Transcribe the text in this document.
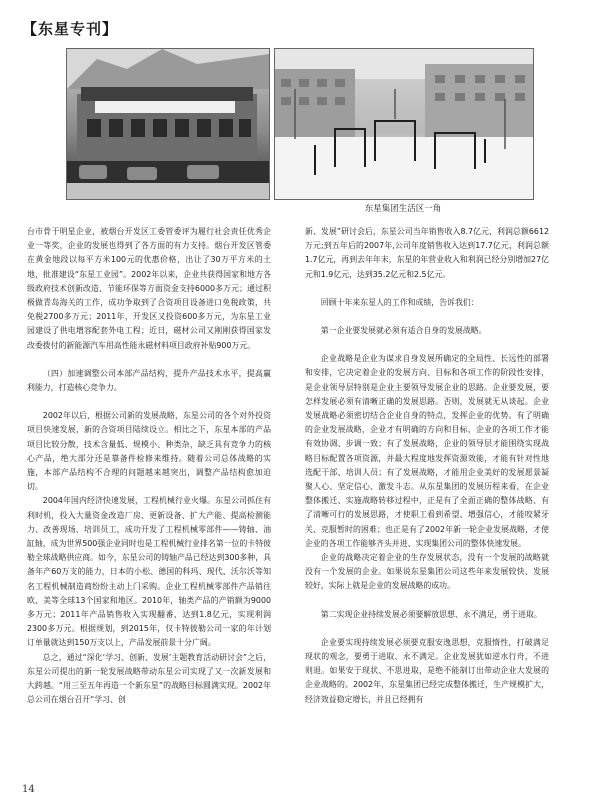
【东星专刊】
东星集团生活区一角

台市骨干明星企业，被烟台开发区工委管委评为履行社会责任优秀企业一等奖，企业的发展也得到了各方面的有力支持。烟台开发区管委在黄金地段以每平方米100元的优惠价格，出让了30万平方米的土地，批准建设“东星工业园”。2002年以来，企业共获得国家和地方各级政府技术创新改造、节能环保等方面资金支持6000多万元；通过积极做青岛海关的工作，成功争取到了合资项目设备进口免税政策，共免税2700多万元；2011年，开发区又投资600多万元，为东星工业园建设了供电增容配套外电工程；近日，磁材公司又刚刚获得国家发改委拨付的新能源汽车用高性能永磁材料项目政府补贴900万元。

（四）加速调整公司本部产品结构，提升产品技术水平，提高赢利能力，打造核心竞争力。

2002年以后，根据公司新的发展战略，东星公司的各个对外投资项目快速发展，新的合资项目陆续设立。相比之下，东星本部的产品项目比较分散，技术含量低、规模小、种类杂，缺乏具有竞争力的核心产品，绝大部分还是靠备件检修来维持。随着公司总体战略的实施，本部产品结构不合理的问题越来越突出，调整产品结构愈加迫切。

2004年国内经济快速发展，工程机械行业火爆。东星公司抓住有利时机，投入大量资金改造厂房、更新设备、扩大产能、提高检测能力、改善现场、培训员工，成功开发了工程机械零部件——铸轴、油缸轴，成为世界500强企业同时也是工程机械行业排名第一位的卡特彼勒全球战略供应商。如今，东星公司的铸轴产品已经达到300多种，具备年产60万支的能力，日本的小松、德国的科玛、现代、沃尔沃等知名工程机械制造商纷纷主动上门采购。企业工程机械零部件产品销往欧、美等全球13个国家和地区。2010年，轴类产品的产销额为9000多万元；2011年产品销售收入实现翻番，达到1.8亿元，实现利润2300多万元。根据规划，到2015年，仅卡特彼勒公司一家的年计划订单量就达到150万支以上，产品发展前景十分广阔。

总之，通过“深化‘学习、创新、发展’主题教育活动研讨会”之后，东星公司提出的新一轮发展战略带动东星公司实现了又一次新发展和大跨越。“用三至五年再造一个新东星”的战略目标圆满实现。2002年总公司在烟台召开“学习、创

新、发展”研讨会后，东星公司当年销售收入8.7亿元，利润总额6612万元;到五年后的2007年,公司年度销售收入达到17.7亿元，利润总额1.7亿元，再到去年年末，东星的年营业收入和利润已经分别增加27亿元和1.9亿元，达到35.2亿元和2.5亿元。

回顾十年来东星人的工作和成绩，告诉我们：

第一企业要发展就必须有适合自身的发展战略。

企业战略是企业为谋求自身发展所确定的全局性、长远性的部署和安排，它决定着企业的发展方向、目标和各项工作的阶段性安排，是企业领导层特别是企业主要领导发展企业的思路。企业要发展，要怎样发展必须有清晰正确的发展思路。否则，发展就无从谈起。企业发展战略必须密切结合企业自身的特点，发挥企业的优势。有了明确的企业发展战略，企业才有明确的方向和目标，企业的各项工作才能有效协调、步调一致；有了发展战略，企业的领导层才能围绕实现战略目标配置各项资源，并最大程度地发挥资源效能，才能有针对性地选配干部、培训人员；有了发展战略，才能用企业美好的发展愿景凝聚人心、坚定信心、激发斗志。从东星集团的发展历程来看，在企业整体搬迁、实施战略转移过程中，正是有了全面正确的整体战略、有了清晰可行的发展思路，才使职工看到希望、增强信心，才能咬紧牙关、克服暂时的困难；也正是有了2002年新一轮企业发展战略，才使企业的各项工作能够齐头并进、实现集团公司的整体快速发展。

企业的战略决定着企业的生存发展状态，没有一个发展的战略就没有一个发展的企业。如果说东星集团公司这些年来发展较快、发展较好，实际上就是企业的发展战略的成功。

第二实现企业持续发展必须要解放思想、永不满足，勇于进取。

企业要实现持续发展必须要克服安逸思想，克服惰性，打破满足现状的观念，要勇于进取、永不满足。企业发展犹如逆水行舟，不进则退。如果安于现状、不思进取，是绝不能制订出带动企业大发展的企业战略的。2002年，东星集团已经完成整体搬迁，生产规模扩大，经济效益稳定增长，并且已经拥有

14
